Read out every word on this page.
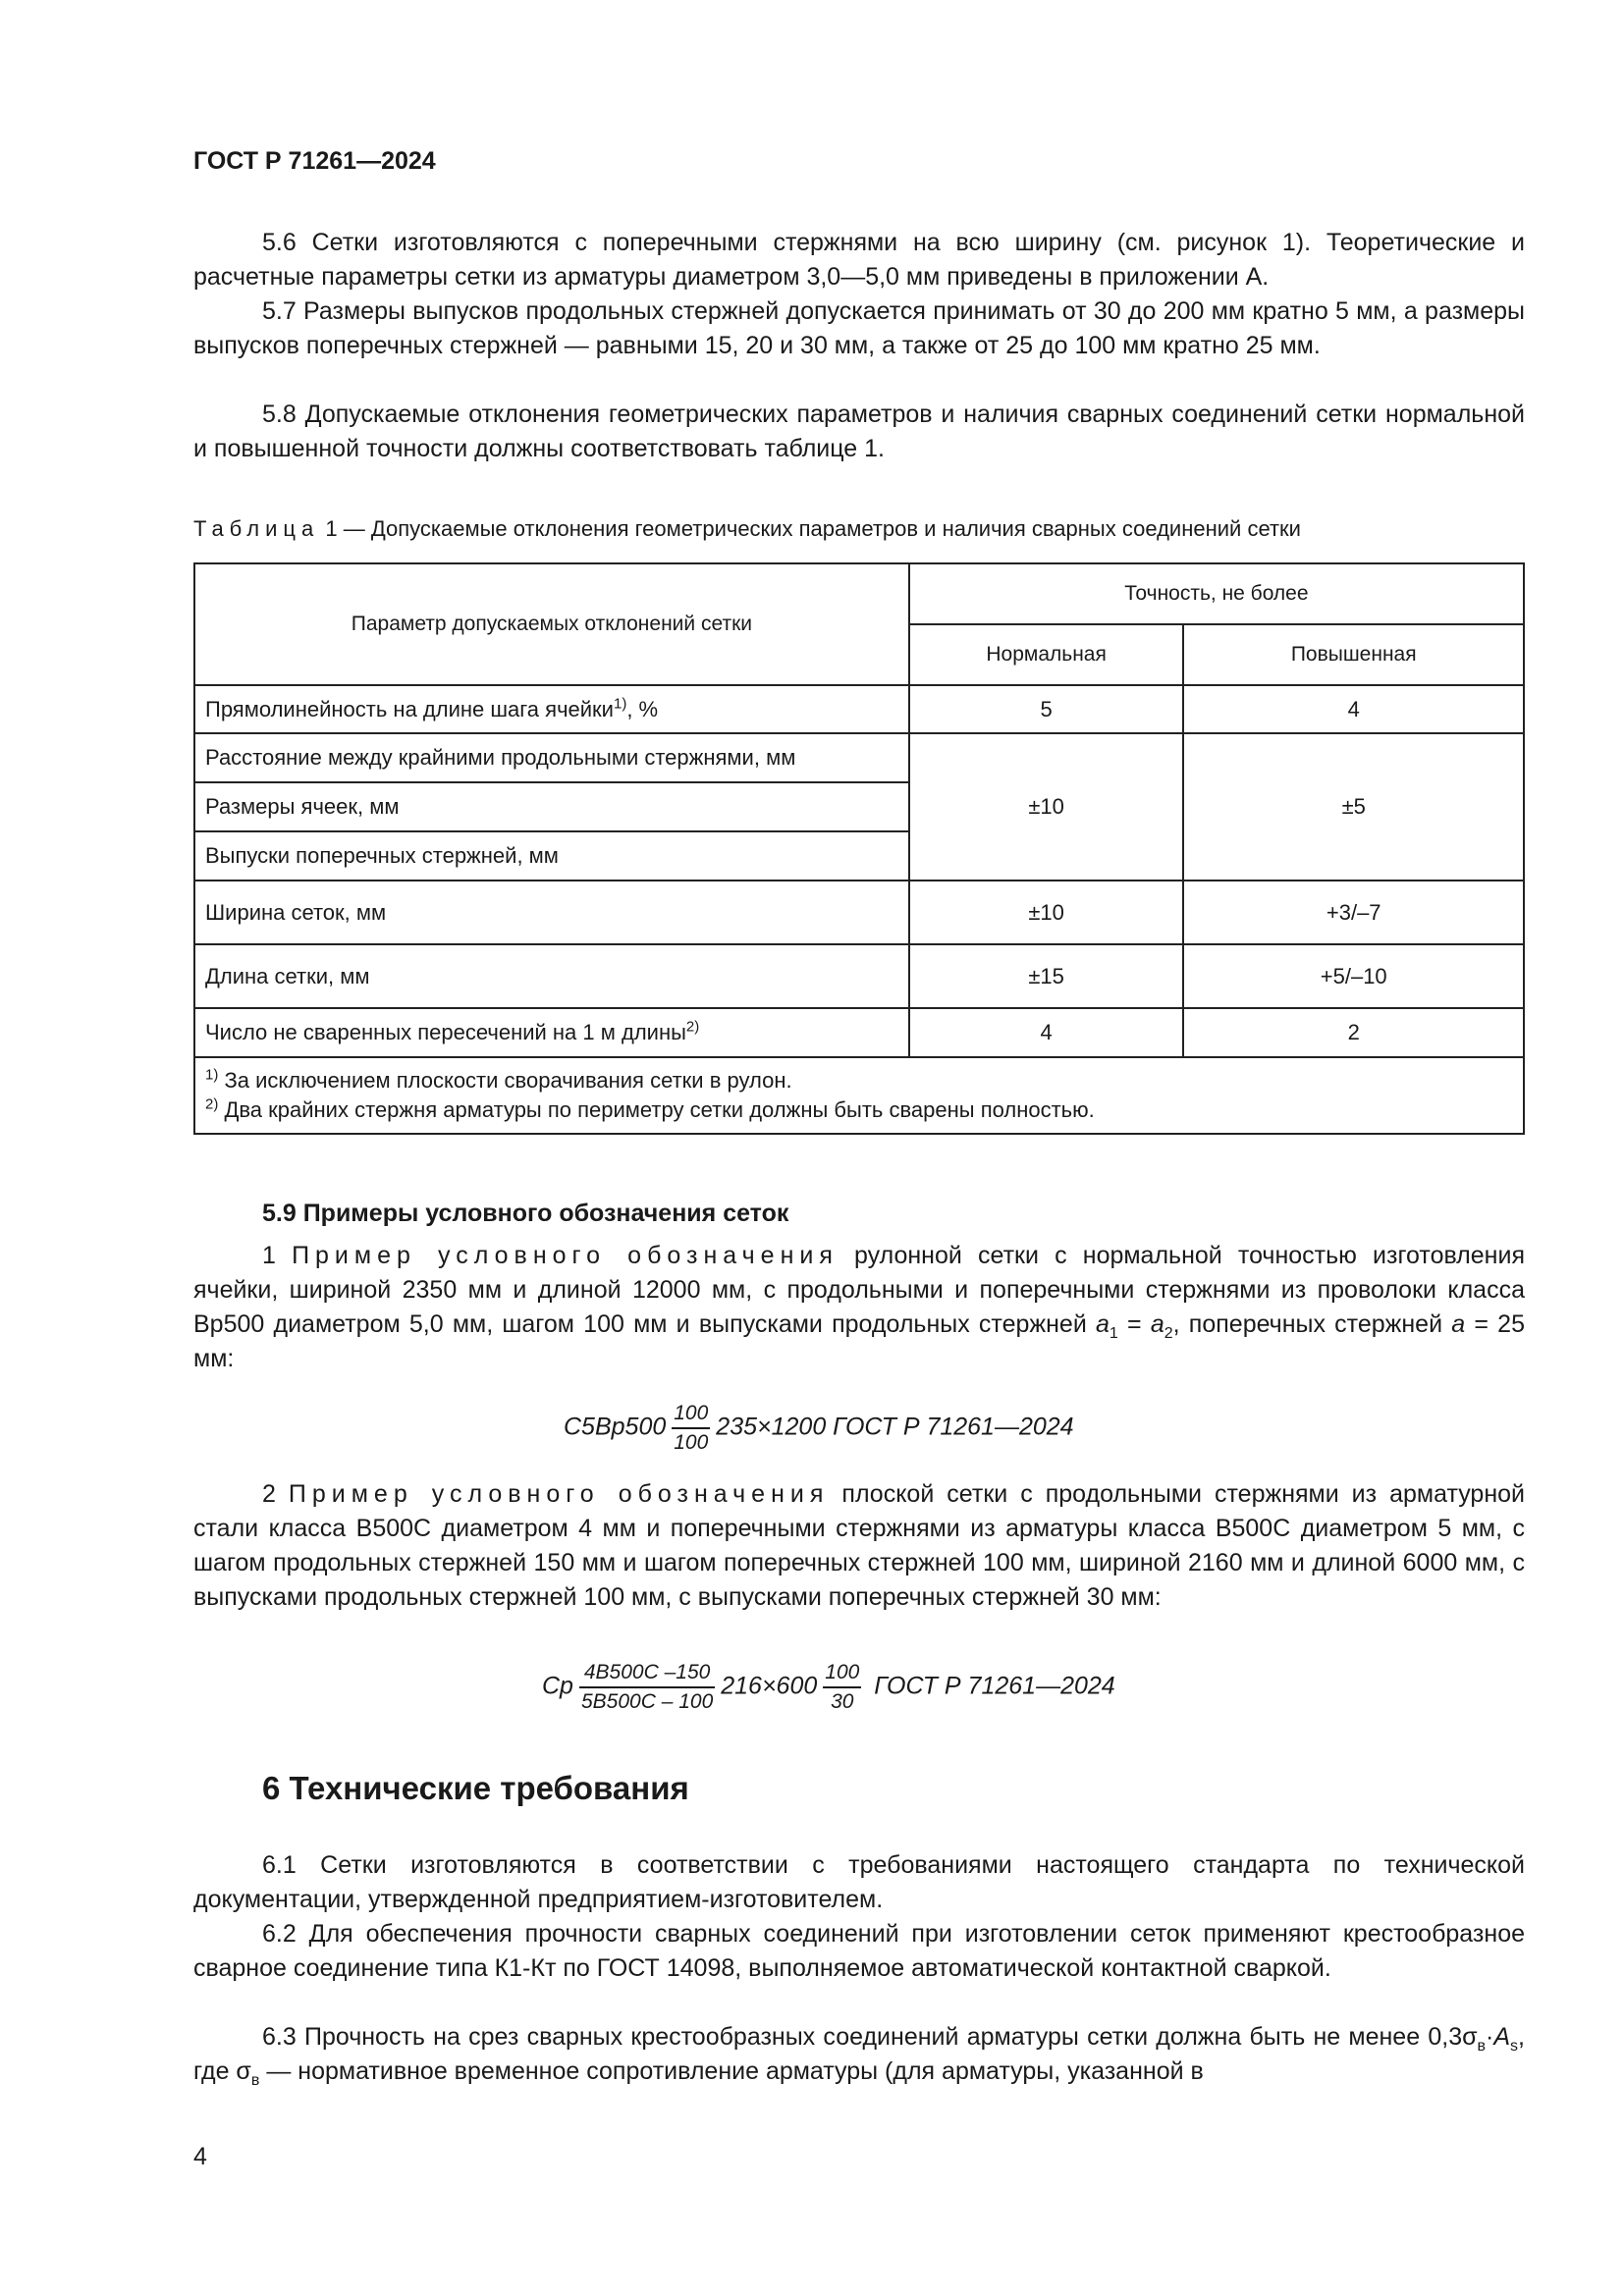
ГОСТ Р 71261—2024

5.6 Сетки изготовляются с поперечными стержнями на всю ширину (см. рисунок 1). Теоретические и расчетные параметры сетки из арматуры диаметром 3,0—5,0 мм приведены в приложении А.

5.7 Размеры выпусков продольных стержней допускается принимать от 30 до 200 мм кратно 5 мм, а размеры выпусков поперечных стержней — равными 15, 20 и 30 мм, а также от 25 до 100 мм кратно 25 мм.

5.8 Допускаемые отклонения геометрических параметров и наличия сварных соединений сетки нормальной и повышенной точности должны соответствовать таблице 1.

Таблица 1 — Допускаемые отклонения геометрических параметров и наличия сварных соединений сетки
Параметр допускаемых отклонений сетки	Точность, не более	
	Нормальная	Повышенная
Прямолинейность на длине шага ячейки$^{1)}$, %	5	4
Расстояние между крайними продольными стержнями, мм	±10	±5
Размеры ячеек, мм		
Выпуски поперечных стержней, мм		
Ширина сеток, мм	±10	+3/–7
Длина сетки, мм	±15	+5/–10
Число не сваренных пересечений на 1 м длины$^{2)}$	4	2

$^{1)}$ За исключением плоскости сворачивания сетки в рулон.
$^{2)}$ Два крайних стержня арматуры по периметру сетки должны быть сварены полностью.		
5.9 Примеры условного обозначения сеток

1 Пример условного обозначения рулонной сетки с нормальной точностью изготовления ячейки, шириной 2350 мм и длиной 12000 мм, с продольными и поперечными стержнями из проволоки класса Вр500 диаметром 5,0 мм, шагом 100 мм и выпусками продольных стержней $a_1 = a_2$, поперечных стержней a = 25 мм:

$С5Вр500 \frac{100}{100} 235\times 1200$ ГОСТ Р 71261—2024

2 Пример условного обозначения плоской сетки с продольными стержнями из арматурной стали класса В500С диаметром 4 мм и поперечными стержнями из арматуры класса В500С диаметром 5 мм, с шагом продольных стержней 150 мм и шагом поперечных стержней 100 мм, шириной 2160 мм и длиной 6000 мм, с выпусками продольных стержней 100 мм, с выпусками поперечных стержней 30 мм:

Ср $\frac{4В500С -150}{5В500С - 100} 216\times 600 \frac{100}{30}$ ГОСТ Р 71261—2024
6 Технические требования

6.1 Сетки изготовляются в соответствии с требованиями настоящего стандарта по технической документации, утвержденной предприятием-изготовителем.

6.2 Для обеспечения прочности сварных соединений при изготовлении сеток применяют крестообразное сварное соединение типа К1-Кт по ГОСТ 14098, выполняемое автоматической контактной сваркой.

6.3 Прочность на срез сварных крестообразных соединений арматуры сетки должна быть не менее $0,3\sigma_в\cdot A_s$, где $\sigma_в$ — нормативное временное сопротивление арматуры (для арматуры, указанной в

4
